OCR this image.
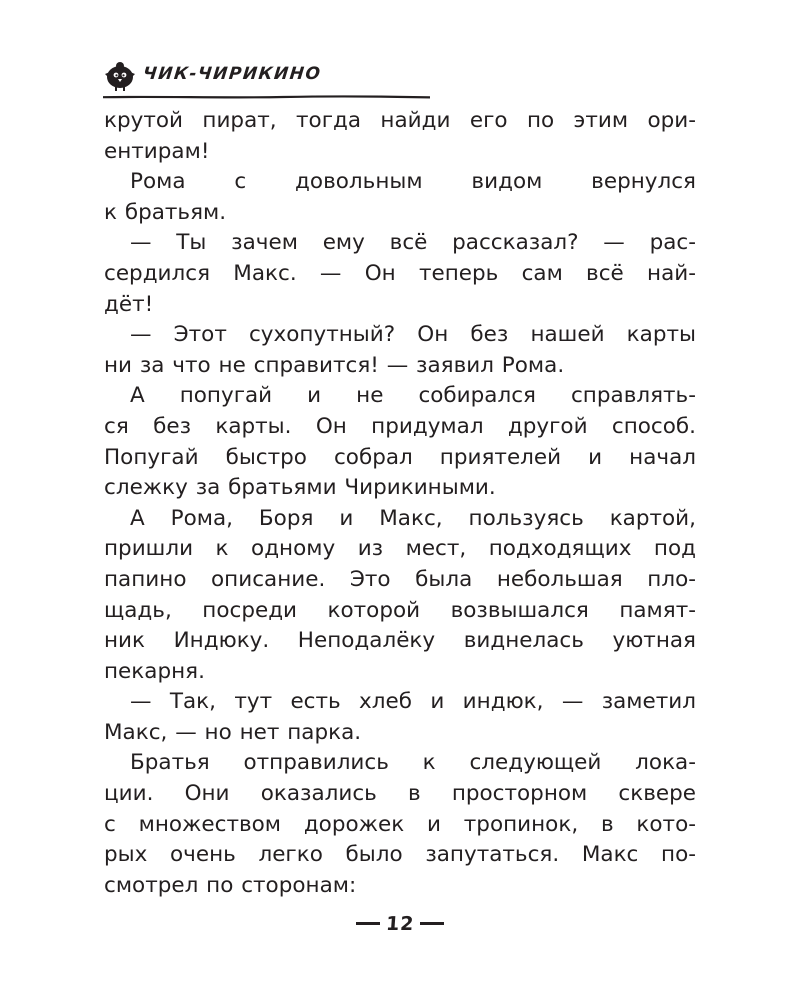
ЧИК-ЧИРИКИНО
крутой пират, тогда найди его по этим ори-
ентирам!
Рома с довольным видом вернулся
к братьям.
— Ты зачем ему всё рассказал? — рас-
сердился Макс. — Он теперь сам всё най-
дёт!
— Этот сухопутный? Он без нашей карты
ни за что не справится! — заявил Рома.
А попугай и не собирался справлять-
ся без карты. Он придумал другой способ.
Попугай быстро собрал приятелей и начал
слежку за братьями Чирикиными.
А Рома, Боря и Макс, пользуясь картой,
пришли к одному из мест, подходящих под
папино описание. Это была небольшая пло-
щадь, посреди которой возвышался памят-
ник Индюку. Неподалёку виднелась уютная
пекарня.
— Так, тут есть хлеб и индюк, — заметил
Макс, — но нет парка.
Братья отправились к следующей лока-
ции. Они оказались в просторном сквере
с множеством дорожек и тропинок, в кото-
рых очень легко было запутаться. Макс по-
смотрел по сторонам:
12
